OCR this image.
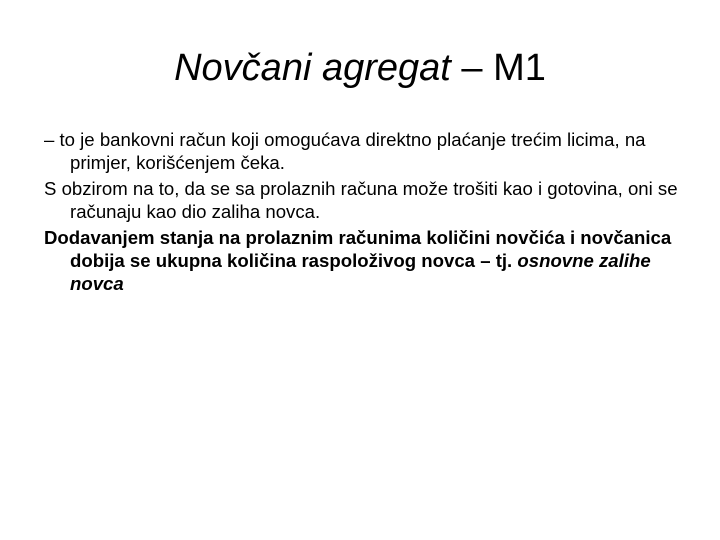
Novčani agregat – M1

– to je bankovni račun koji omogućava direktno plaćanje trećim licima, na primjer, korišćenjem čeka.

S obzirom na to, da se sa prolaznih računa može trošiti kao i gotovina, oni se računaju kao dio zaliha novca.

Dodavanjem stanja na prolaznim računima količini novčića i novčanica dobija se ukupna količina raspoloživog novca – tj. osnovne zalihe novca
